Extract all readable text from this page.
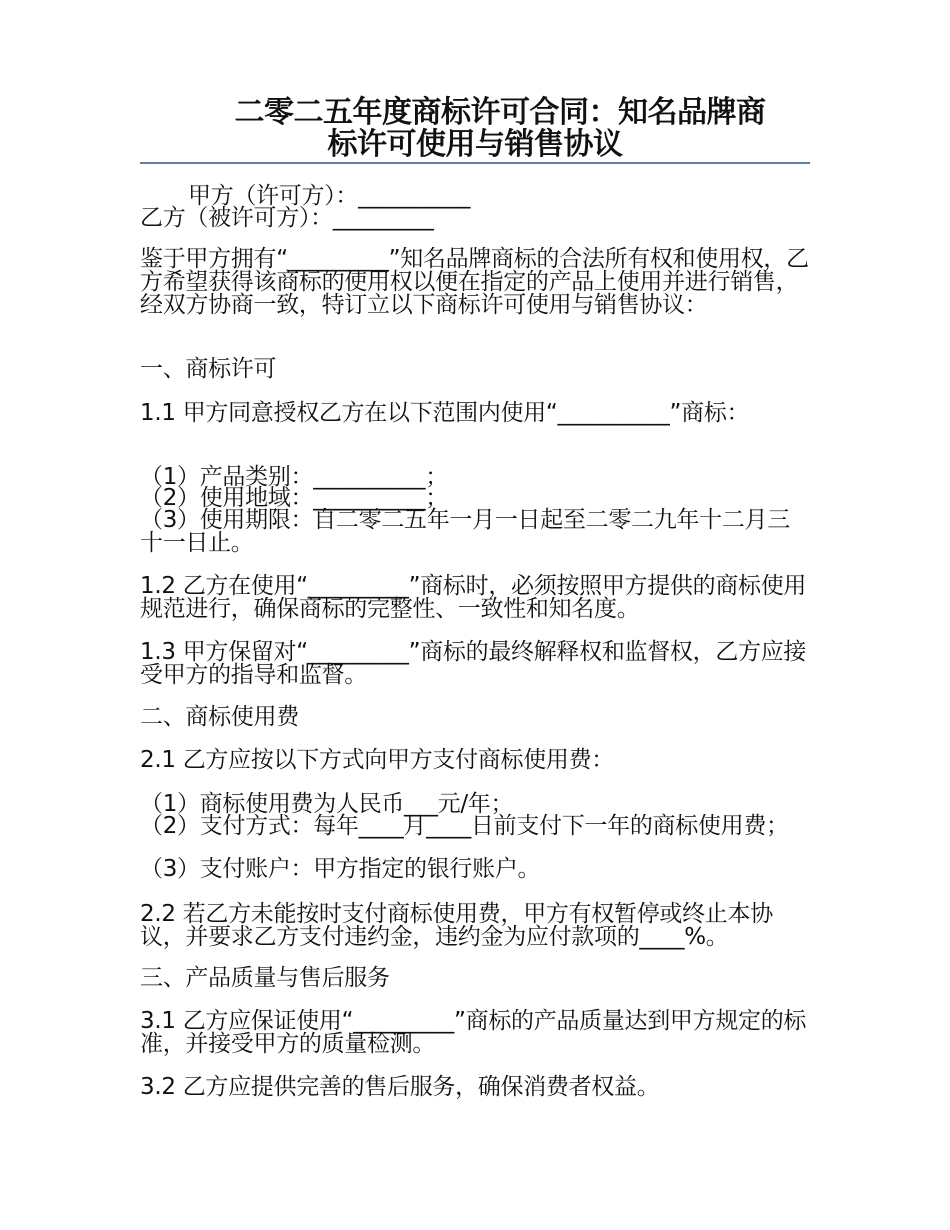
二零二五年度商标许可合同：知名品牌商
标许可使用与销售协议
甲方（许可方）：__________
乙方（被许可方）：_________
鉴于甲方拥有“_________”知名品牌商标的合法所有权和使用权，乙方希望获得该商标的使用权以便在指定的产品上使用并进行销售，经双方协商一致，特订立以下商标许可使用与销售协议：
一、商标许可
1.1 甲方同意授权乙方在以下范围内使用“__________”商标：
（1）产品类别：__________；
（2）使用地域：__________；
（3）使用期限：自二零二五年一月一日起至二零二九年十二月三十一日止。
1.2 乙方在使用“_________”商标时，必须按照甲方提供的商标使用规范进行，确保商标的完整性、一致性和知名度。
1.3 甲方保留对“_________”商标的最终解释权和监督权，乙方应接受甲方的指导和监督。
二、商标使用费
2.1 乙方应按以下方式向甲方支付商标使用费：
（1）商标使用费为人民币___元/年；
（2）支付方式：每年____月____日前支付下一年的商标使用费；
（3）支付账户：甲方指定的银行账户。
2.2 若乙方未能按时支付商标使用费，甲方有权暂停或终止本协议，并要求乙方支付违约金，违约金为应付款项的____%。
三、产品质量与售后服务
3.1 乙方应保证使用“_________”商标的产品质量达到甲方规定的标准，并接受甲方的质量检测。
3.2 乙方应提供完善的售后服务，确保消费者权益。
